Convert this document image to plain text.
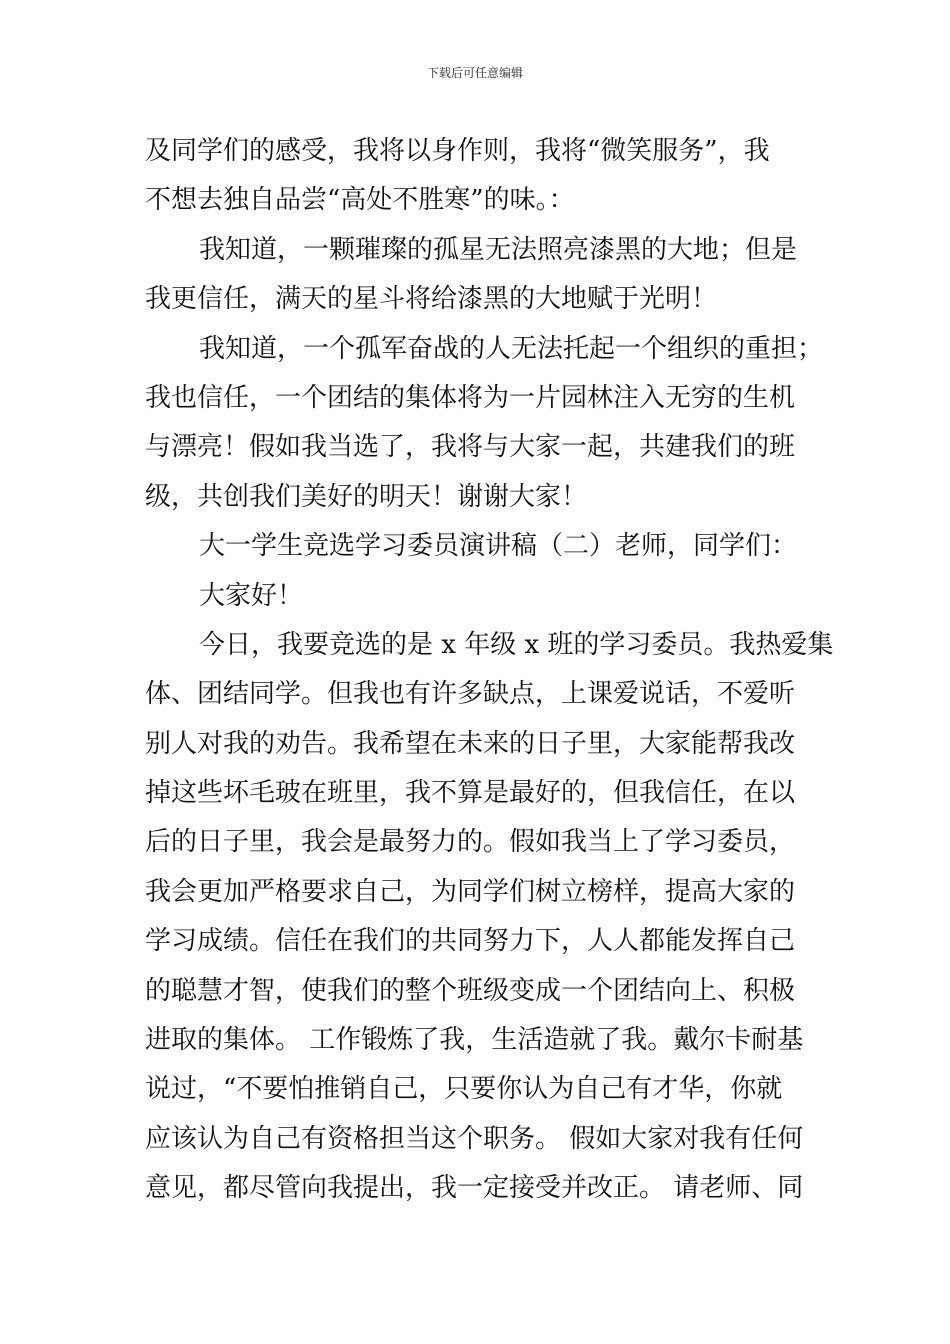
下载后可任意编辑
及同学们的感受，我将以身作则，我将“微笑服务”，我
不想去独自品尝“高处不胜寒”的味。：
我知道，一颗璀璨的孤星无法照亮漆黑的大地；但是
我更信任，满天的星斗将给漆黑的大地赋于光明！
我知道，一个孤军奋战的人无法托起一个组织的重担；
我也信任，一个团结的集体将为一片园林注入无穷的生机
与漂亮！假如我当选了，我将与大家一起，共建我们的班
级，共创我们美好的明天！谢谢大家！
大一学生竞选学习委员演讲稿（二）老师，同学们：
大家好！
今日，我要竞选的是 x 年级 x 班的学习委员。我热爱集
体、团结同学。但我也有许多缺点，上课爱说话，不爱听
别人对我的劝告。我希望在未来的日子里，大家能帮我改
掉这些坏毛玻在班里，我不算是最好的，但我信任，在以
后的日子里，我会是最努力的。假如我当上了学习委员，
我会更加严格要求自己，为同学们树立榜样，提高大家的
学习成绩。信任在我们的共同努力下，人人都能发挥自己
的聪慧才智，使我们的整个班级变成一个团结向上、积极
进取的集体。 工作锻炼了我，生活造就了我。戴尔卡耐基
说过，“不要怕推销自己，只要你认为自己有才华，你就
应该认为自己有资格担当这个职务。 假如大家对我有任何
意见，都尽管向我提出，我一定接受并改正。 请老师、同
